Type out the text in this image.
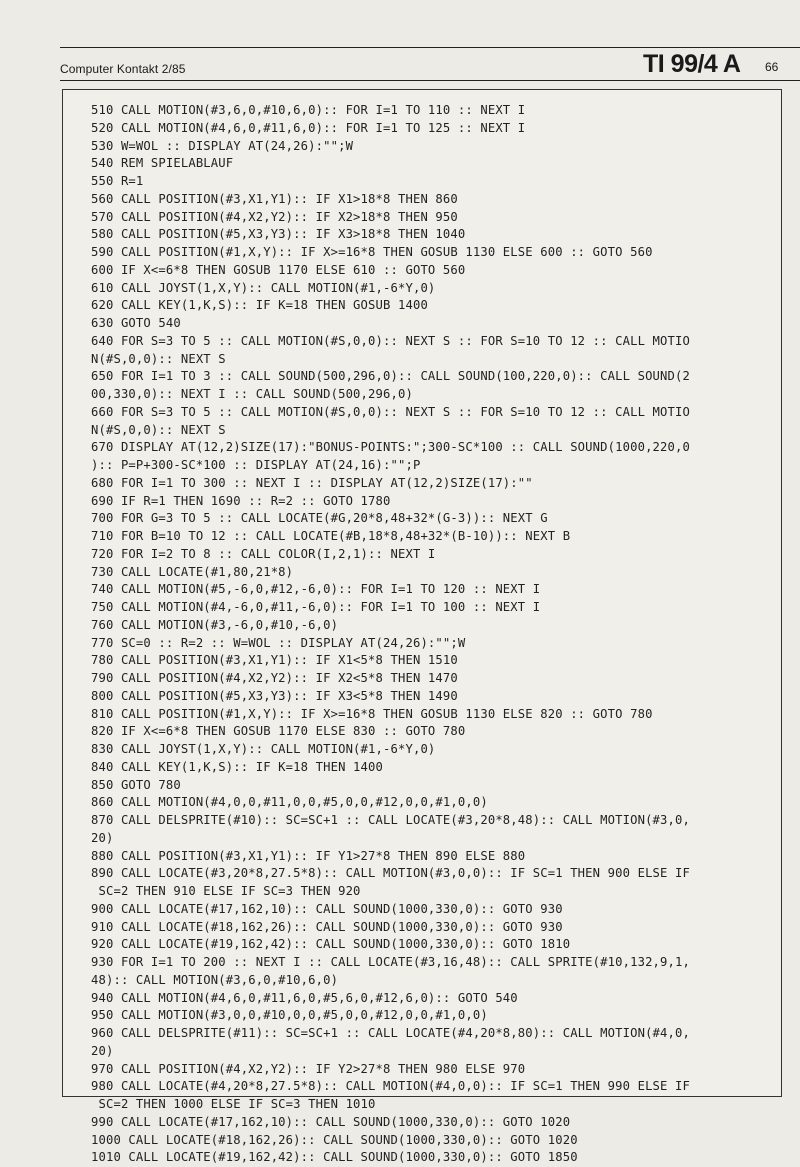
Computer Kontakt 2/85	TI 99/4 A 66
510 CALL MOTION(#3,6,0,#10,6,0):: FOR I=1 TO 110 :: NEXT I
520 CALL MOTION(#4,6,0,#11,6,0):: FOR I=1 TO 125 :: NEXT I
530 W=WOL :: DISPLAY AT(24,26):"";W
540 REM SPIELABLAUF
550 R=1
560 CALL POSITION(#3,X1,Y1):: IF X1>18*8 THEN 860
570 CALL POSITION(#4,X2,Y2):: IF X2>18*8 THEN 950
580 CALL POSITION(#5,X3,Y3):: IF X3>18*8 THEN 1040
590 CALL POSITION(#1,X,Y):: IF X>=16*8 THEN GOSUB 1130 ELSE 600 :: GOTO 560
600 IF X<=6*8 THEN GOSUB 1170 ELSE 610 :: GOTO 560
610 CALL JOYST(1,X,Y):: CALL MOTION(#1,-6*Y,0)
620 CALL KEY(1,K,S):: IF K=18 THEN GOSUB 1400
630 GOTO 540
640 FOR S=3 TO 5 :: CALL MOTION(#S,0,0):: NEXT S :: FOR S=10 TO 12 :: CALL MOTIO
N(#S,0,0):: NEXT S
650 FOR I=1 TO 3 :: CALL SOUND(500,296,0):: CALL SOUND(100,220,0):: CALL SOUND(2
00,330,0):: NEXT I :: CALL SOUND(500,296,0)
660 FOR S=3 TO 5 :: CALL MOTION(#S,0,0):: NEXT S :: FOR S=10 TO 12 :: CALL MOTIO
N(#S,0,0):: NEXT S
670 DISPLAY AT(12,2)SIZE(17):"BONUS-POINTS:";300-SC*100 :: CALL SOUND(1000,220,0
):: P=P+300-SC*100 :: DISPLAY AT(24,16):"";P
680 FOR I=1 TO 300 :: NEXT I :: DISPLAY AT(12,2)SIZE(17):""
690 IF R=1 THEN 1690 :: R=2 :: GOTO 1780
700 FOR G=3 TO 5 :: CALL LOCATE(#G,20*8,48+32*(G-3)):: NEXT G
710 FOR B=10 TO 12 :: CALL LOCATE(#B,18*8,48+32*(B-10)):: NEXT B
720 FOR I=2 TO 8 :: CALL COLOR(I,2,1):: NEXT I
730 CALL LOCATE(#1,80,21*8)
740 CALL MOTION(#5,-6,0,#12,-6,0):: FOR I=1 TO 120 :: NEXT I
750 CALL MOTION(#4,-6,0,#11,-6,0):: FOR I=1 TO 100 :: NEXT I
760 CALL MOTION(#3,-6,0,#10,-6,0)
770 SC=0 :: R=2 :: W=WOL :: DISPLAY AT(24,26):"";W
780 CALL POSITION(#3,X1,Y1):: IF X1<5*8 THEN 1510
790 CALL POSITION(#4,X2,Y2):: IF X2<5*8 THEN 1470
800 CALL POSITION(#5,X3,Y3):: IF X3<5*8 THEN 1490
810 CALL POSITION(#1,X,Y):: IF X>=16*8 THEN GOSUB 1130 ELSE 820 :: GOTO 780
820 IF X<=6*8 THEN GOSUB 1170 ELSE 830 :: GOTO 780
830 CALL JOYST(1,X,Y):: CALL MOTION(#1,-6*Y,0)
840 CALL KEY(1,K,S):: IF K=18 THEN 1400
850 GOTO 780
860 CALL MOTION(#4,0,0,#11,0,0,#5,0,0,#12,0,0,#1,0,0)
870 CALL DELSPRITE(#10):: SC=SC+1 :: CALL LOCATE(#3,20*8,48):: CALL MOTION(#3,0,
20)
880 CALL POSITION(#3,X1,Y1):: IF Y1>27*8 THEN 890 ELSE 880
890 CALL LOCATE(#3,20*8,27.5*8):: CALL MOTION(#3,0,0):: IF SC=1 THEN 900 ELSE IF
SC=2 THEN 910 ELSE IF SC=3 THEN 920
900 CALL LOCATE(#17,162,10):: CALL SOUND(1000,330,0):: GOTO 930
910 CALL LOCATE(#18,162,26):: CALL SOUND(1000,330,0):: GOTO 930
920 CALL LOCATE(#19,162,42):: CALL SOUND(1000,330,0):: GOTO 1810
930 FOR I=1 TO 200 :: NEXT I :: CALL LOCATE(#3,16,48):: CALL SPRITE(#10,132,9,1,
48):: CALL MOTION(#3,6,0,#10,6,0)
940 CALL MOTION(#4,6,0,#11,6,0,#5,6,0,#12,6,0):: GOTO 540
950 CALL MOTION(#3,0,0,#10,0,0,#5,0,0,#12,0,0,#1,0,0)
960 CALL DELSPRITE(#11):: SC=SC+1 :: CALL LOCATE(#4,20*8,80):: CALL MOTION(#4,0,
20)
970 CALL POSITION(#4,X2,Y2):: IF Y2>27*8 THEN 980 ELSE 970
980 CALL LOCATE(#4,20*8,27.5*8):: CALL MOTION(#4,0,0):: IF SC=1 THEN 990 ELSE IF
SC=2 THEN 1000 ELSE IF SC=3 THEN 1010
990 CALL LOCATE(#17,162,10):: CALL SOUND(1000,330,0):: GOTO 1020
1000 CALL LOCATE(#18,162,26):: CALL SOUND(1000,330,0):: GOTO 1020
1010 CALL LOCATE(#19,162,42):: CALL SOUND(1000,330,0):: GOTO 1850
